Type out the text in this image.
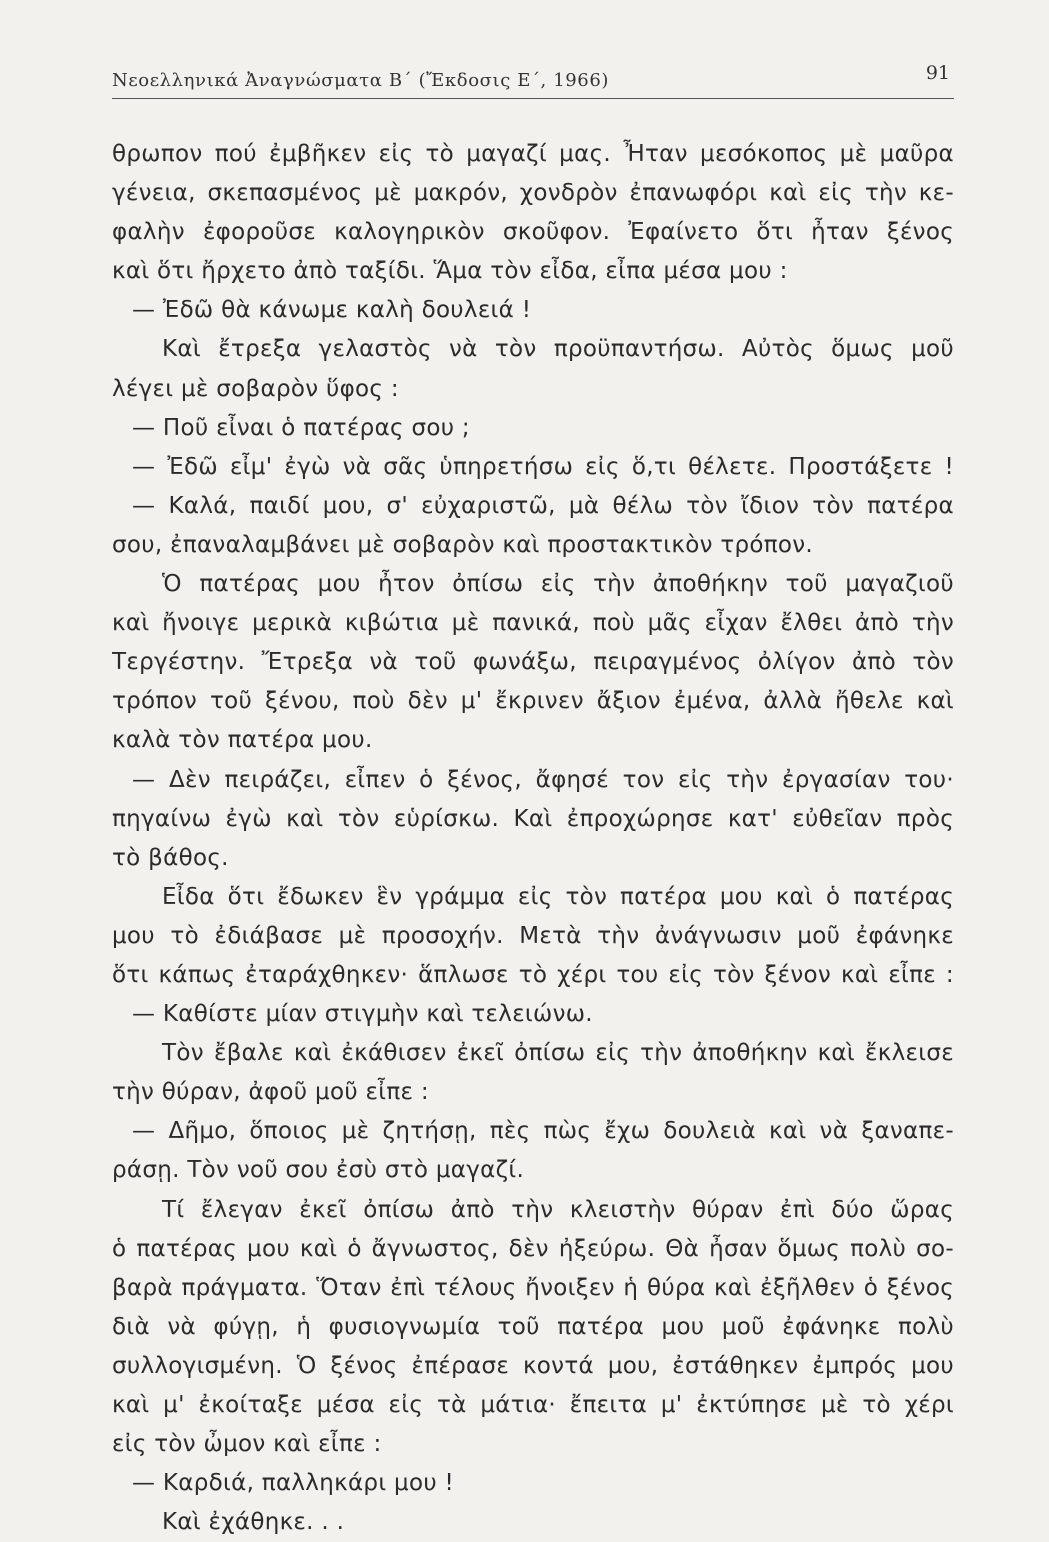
Νεοελληνικά Ἀναγνώσματα Β΄ (Ἔκδοσις Ε΄, 1966)	91
θρωπον πού ἐμβῆκεν εἰς τὸ μαγαζί μας. Ἦταν μεσόκοπος μὲ μαῦρα
γένεια, σκεπασμένος μὲ μακρόν, χονδρὸν ἐπανωφόρι καὶ εἰς τὴν κε-
φαλὴν ἐφοροῦσε καλογηρικὸν σκοῦφον. Ἐφαίνετο ὅτι ἦταν ξένος
καὶ ὅτι ἤρχετο ἀπὸ ταξίδι. Ἅμα τὸν εἶδα, εἶπα μέσα μου :
— Ἐδῶ θὰ κάνωμε καλὴ δουλειά !
Καὶ ἔτρεξα γελαστὸς νὰ τὸν προϋπαντήσω. Αὐτὸς ὅμως μοῦ
λέγει μὲ σοβαρὸν ὕφος :
— Ποῦ εἶναι ὁ πατέρας σου ;
— Ἐδῶ εἶμ' ἐγὼ νὰ σᾶς ὑπηρετήσω εἰς ὅ,τι θέλετε. Προστάξετε !
— Καλά, παιδί μου, σ' εὐχαριστῶ, μὰ θέλω τὸν ἴδιον τὸν πατέρα
σου, ἐπαναλαμβάνει μὲ σοβαρὸν καὶ προστακτικὸν τρόπον.
Ὁ πατέρας μου ἦτον ὀπίσω εἰς τὴν ἀποθήκην τοῦ μαγαζιοῦ
καὶ ἤνοιγε μερικὰ κιβώτια μὲ πανικά, ποὺ μᾶς εἶχαν ἔλθει ἀπὸ τὴν
Τεργέστην. Ἔτρεξα νὰ τοῦ φωνάξω, πειραγμένος ὀλίγον ἀπὸ τὸν
τρόπον τοῦ ξένου, ποὺ δὲν μ' ἔκρινεν ἄξιον ἐμένα, ἀλλὰ ἤθελε καὶ
καλὰ τὸν πατέρα μου.
— Δὲν πειράζει, εἶπεν ὁ ξένος, ἄφησέ τον εἰς τὴν ἐργασίαν του·
πηγαίνω ἐγὼ καὶ τὸν εὑρίσκω. Καὶ ἐπροχώρησε κατ' εὐθεῖαν πρὸς
τὸ βάθος.
Εἶδα ὅτι ἔδωκεν ἓν γράμμα εἰς τὸν πατέρα μου καὶ ὁ πατέρας
μου τὸ ἐδιάβασε μὲ προσοχήν. Μετὰ τὴν ἀνάγνωσιν μοῦ ἐφάνηκε
ὅτι κάπως ἐταράχθηκεν· ἅπλωσε τὸ χέρι του εἰς τὸν ξένον καὶ εἶπε :
— Καθίστε μίαν στιγμὴν καὶ τελειώνω.
Τὸν ἔβαλε καὶ ἐκάθισεν ἐκεῖ ὀπίσω εἰς τὴν ἀποθήκην καὶ ἔκλεισε
τὴν θύραν, ἀφοῦ μοῦ εἶπε :
— Δῆμο, ὅποιος μὲ ζητήσῃ, πὲς πὼς ἔχω δουλειὰ καὶ νὰ ξαναπε-
ράσῃ. Τὸν νοῦ σου ἐσὺ στὸ μαγαζί.
Τί ἔλεγαν ἐκεῖ ὀπίσω ἀπὸ τὴν κλειστὴν θύραν ἐπὶ δύο ὥρας
ὁ πατέρας μου καὶ ὁ ἄγνωστος, δὲν ἠξεύρω. Θὰ ἦσαν ὅμως πολὺ σο-
βαρὰ πράγματα. Ὅταν ἐπὶ τέλους ἤνοιξεν ἡ θύρα καὶ ἐξῆλθεν ὁ ξένος
διὰ νὰ φύγῃ, ἡ φυσιογνωμία τοῦ πατέρα μου μοῦ ἐφάνηκε πολὺ
συλλογισμένη. Ὁ ξένος ἐπέρασε κοντά μου, ἐστάθηκεν ἐμπρός μου
καὶ μ' ἐκοίταξε μέσα εἰς τὰ μάτια· ἔπειτα μ' ἐκτύπησε μὲ τὸ χέρι
εἰς τὸν ὦμον καὶ εἶπε :
— Καρδιά, παλληκάρι μου !
Καὶ ἐχάθηκε. . .
